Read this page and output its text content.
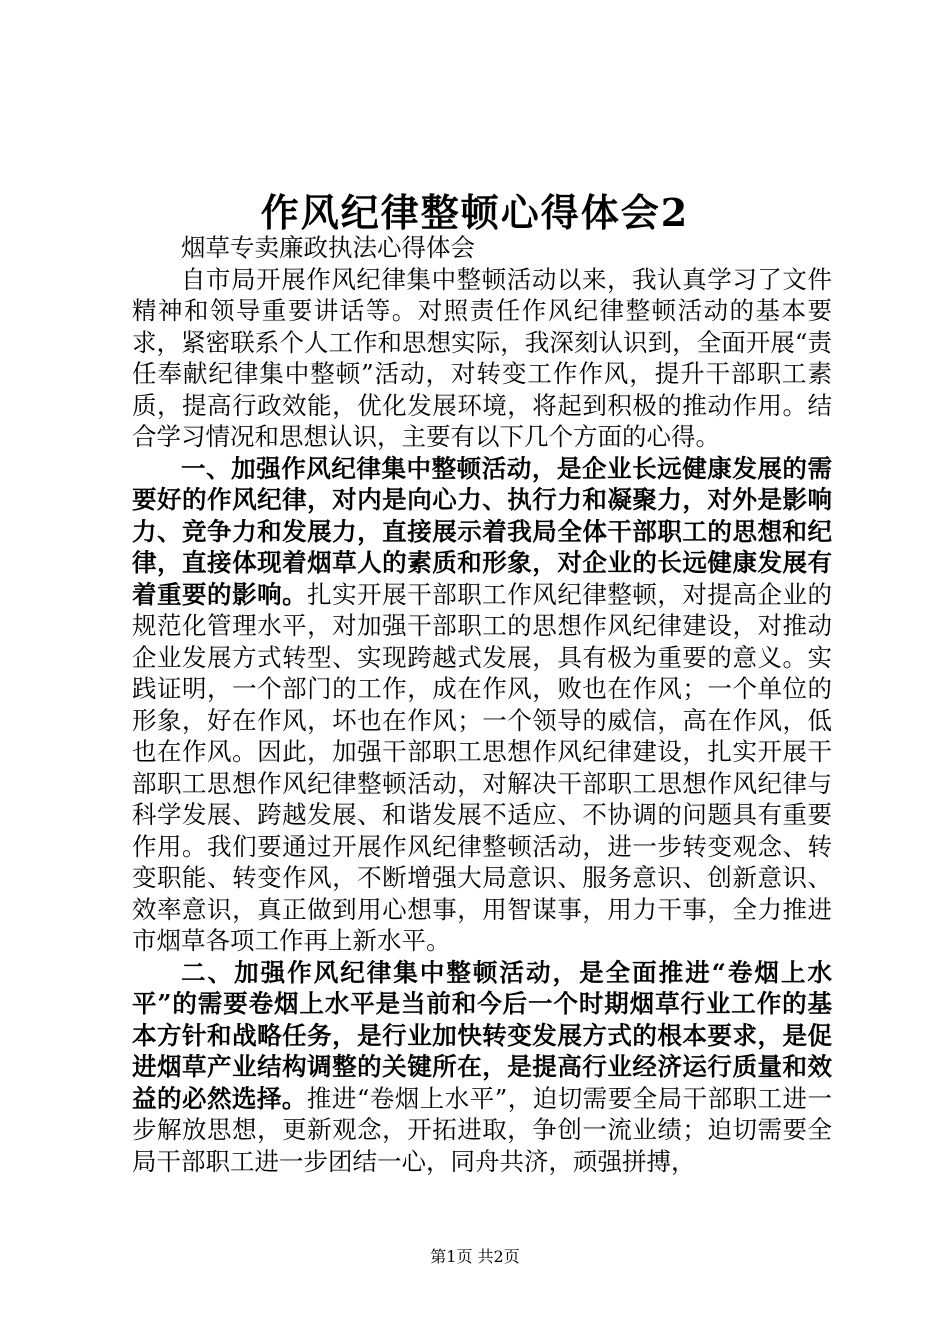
作风纪律整顿心得体会2

烟草专卖廉政执法心得体会

自市局开展作风纪律集中整顿活动以来，我认真学习了文件精神和领导重要讲话等。对照责任作风纪律整顿活动的基本要求，紧密联系个人工作和思想实际，我深刻认识到，全面开展“责任奉献纪律集中整顿”活动，对转变工作作风，提升干部职工素质，提高行政效能，优化发展环境，将起到积极的推动作用。结合学习情况和思想认识，主要有以下几个方面的心得。

一、加强作风纪律集中整顿活动，是企业长远健康发展的需要好的作风纪律，对内是向心力、执行力和凝聚力，对外是影响力、竞争力和发展力，直接展示着我局全体干部职工的思想和纪律，直接体现着烟草人的素质和形象，对企业的长远健康发展有着重要的影响。扎实开展干部职工作风纪律整顿，对提高企业的规范化管理水平，对加强干部职工的思想作风纪律建设，对推动企业发展方式转型、实现跨越式发展，具有极为重要的意义。实践证明，一个部门的工作，成在作风，败也在作风；一个单位的形象，好在作风，坏也在作风；一个领导的威信，高在作风，低也在作风。因此，加强干部职工思想作风纪律建设，扎实开展干部职工思想作风纪律整顿活动，对解决干部职工思想作风纪律与科学发展、跨越发展、和谐发展不适应、不协调的问题具有重要作用。我们要通过开展作风纪律整顿活动，进一步转变观念、转变职能、转变作风，不断增强大局意识、服务意识、创新意识、效率意识，真正做到用心想事，用智谋事，用力干事，全力推进市烟草各项工作再上新水平。

二、加强作风纪律集中整顿活动，是全面推进“卷烟上水平”的需要卷烟上水平是当前和今后一个时期烟草行业工作的基本方针和战略任务，是行业加快转变发展方式的根本要求，是促进烟草产业结构调整的关键所在，是提高行业经济运行质量和效益的必然选择。推进“卷烟上水平”，迫切需要全局干部职工进一步解放思想，更新观念，开拓进取，争创一流业绩；迫切需要全局干部职工进一步团结一心，同舟共济，顽强拼搏，

第1页 共2页
